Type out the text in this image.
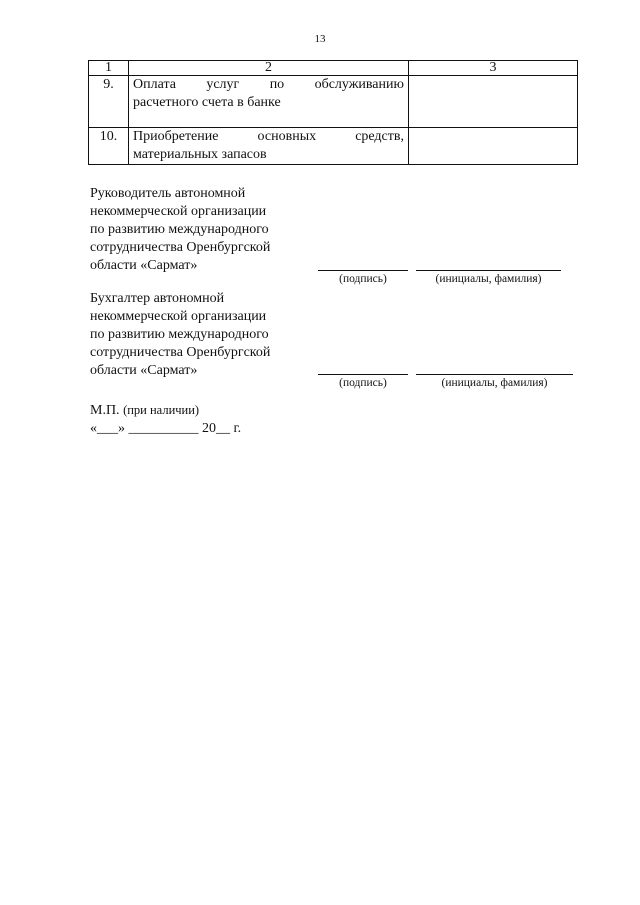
13
1	2	3
9.	Оплата услуг по обслуживанию
расчетного счета в банке	

10.	Приобретение основных средств,
материальных запасов	

Руководитель автономной
некоммерческой организации
по развитию международного
сотрудничества Оренбургской
области «Сармат»
(подпись)	(инициалы, фамилия)
Бухгалтер автономной
некоммерческой организации
по развитию международного
сотрудничества Оренбургской
области «Сармат»
(подпись)	(инициалы, фамилия)
М.П. (при наличии)
«___» __________ 20__ г.
